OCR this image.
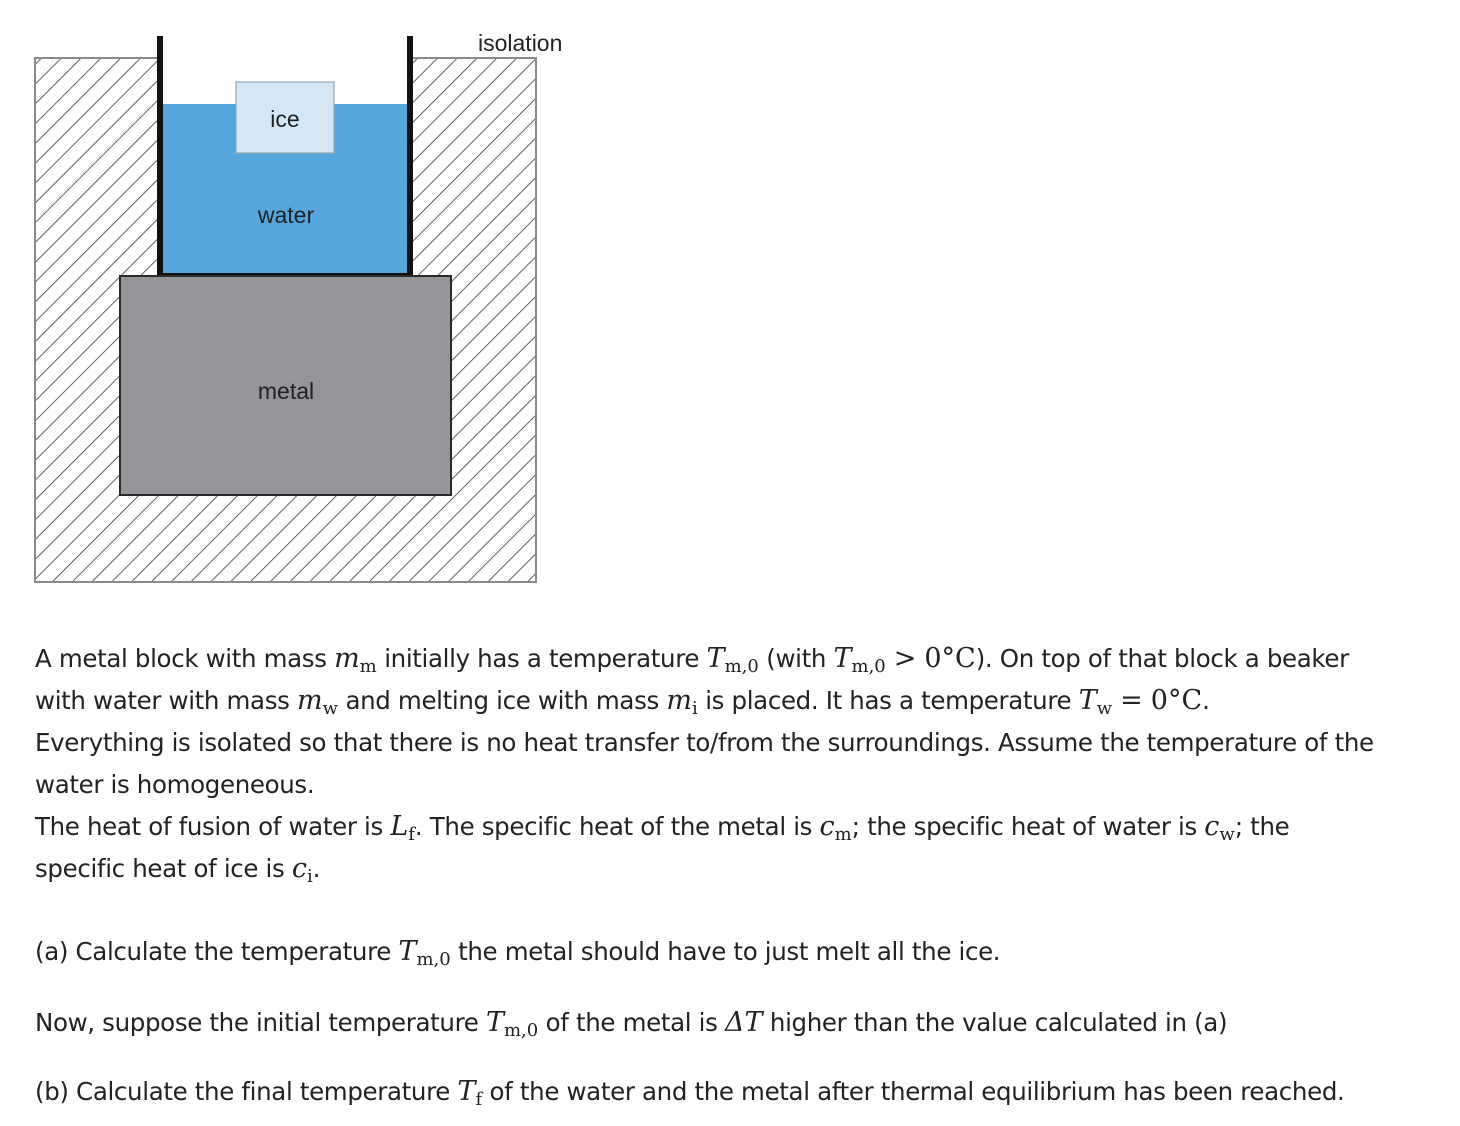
isolation
ice
water
metal
A metal block with mass $m_m$ initially has a temperature $T_{m,0}$ (with $T_{m,0} > 0^\circ C$). On top of that block a beaker
with water with mass $m_w$ and melting ice with mass $m_i$ is placed. It has a temperature $T_w = 0^\circ C$.
Everything is isolated so that there is no heat transfer to/from the surroundings. Assume the temperature of the
water is homogeneous.
The heat of fusion of water is $L_f$. The specific heat of the metal is $c_m$; the specific heat of water is $c_w$; the
specific heat of ice is $c_i$.
(a) Calculate the temperature $T_{m,0}$ the metal should have to just melt all the ice.
Now, suppose the initial temperature $T_{m,0}$ of the metal is ΔT higher than the value calculated in (a)
(b) Calculate the final temperature $T_f$ of the water and the metal after thermal equilibrium has been reached.
